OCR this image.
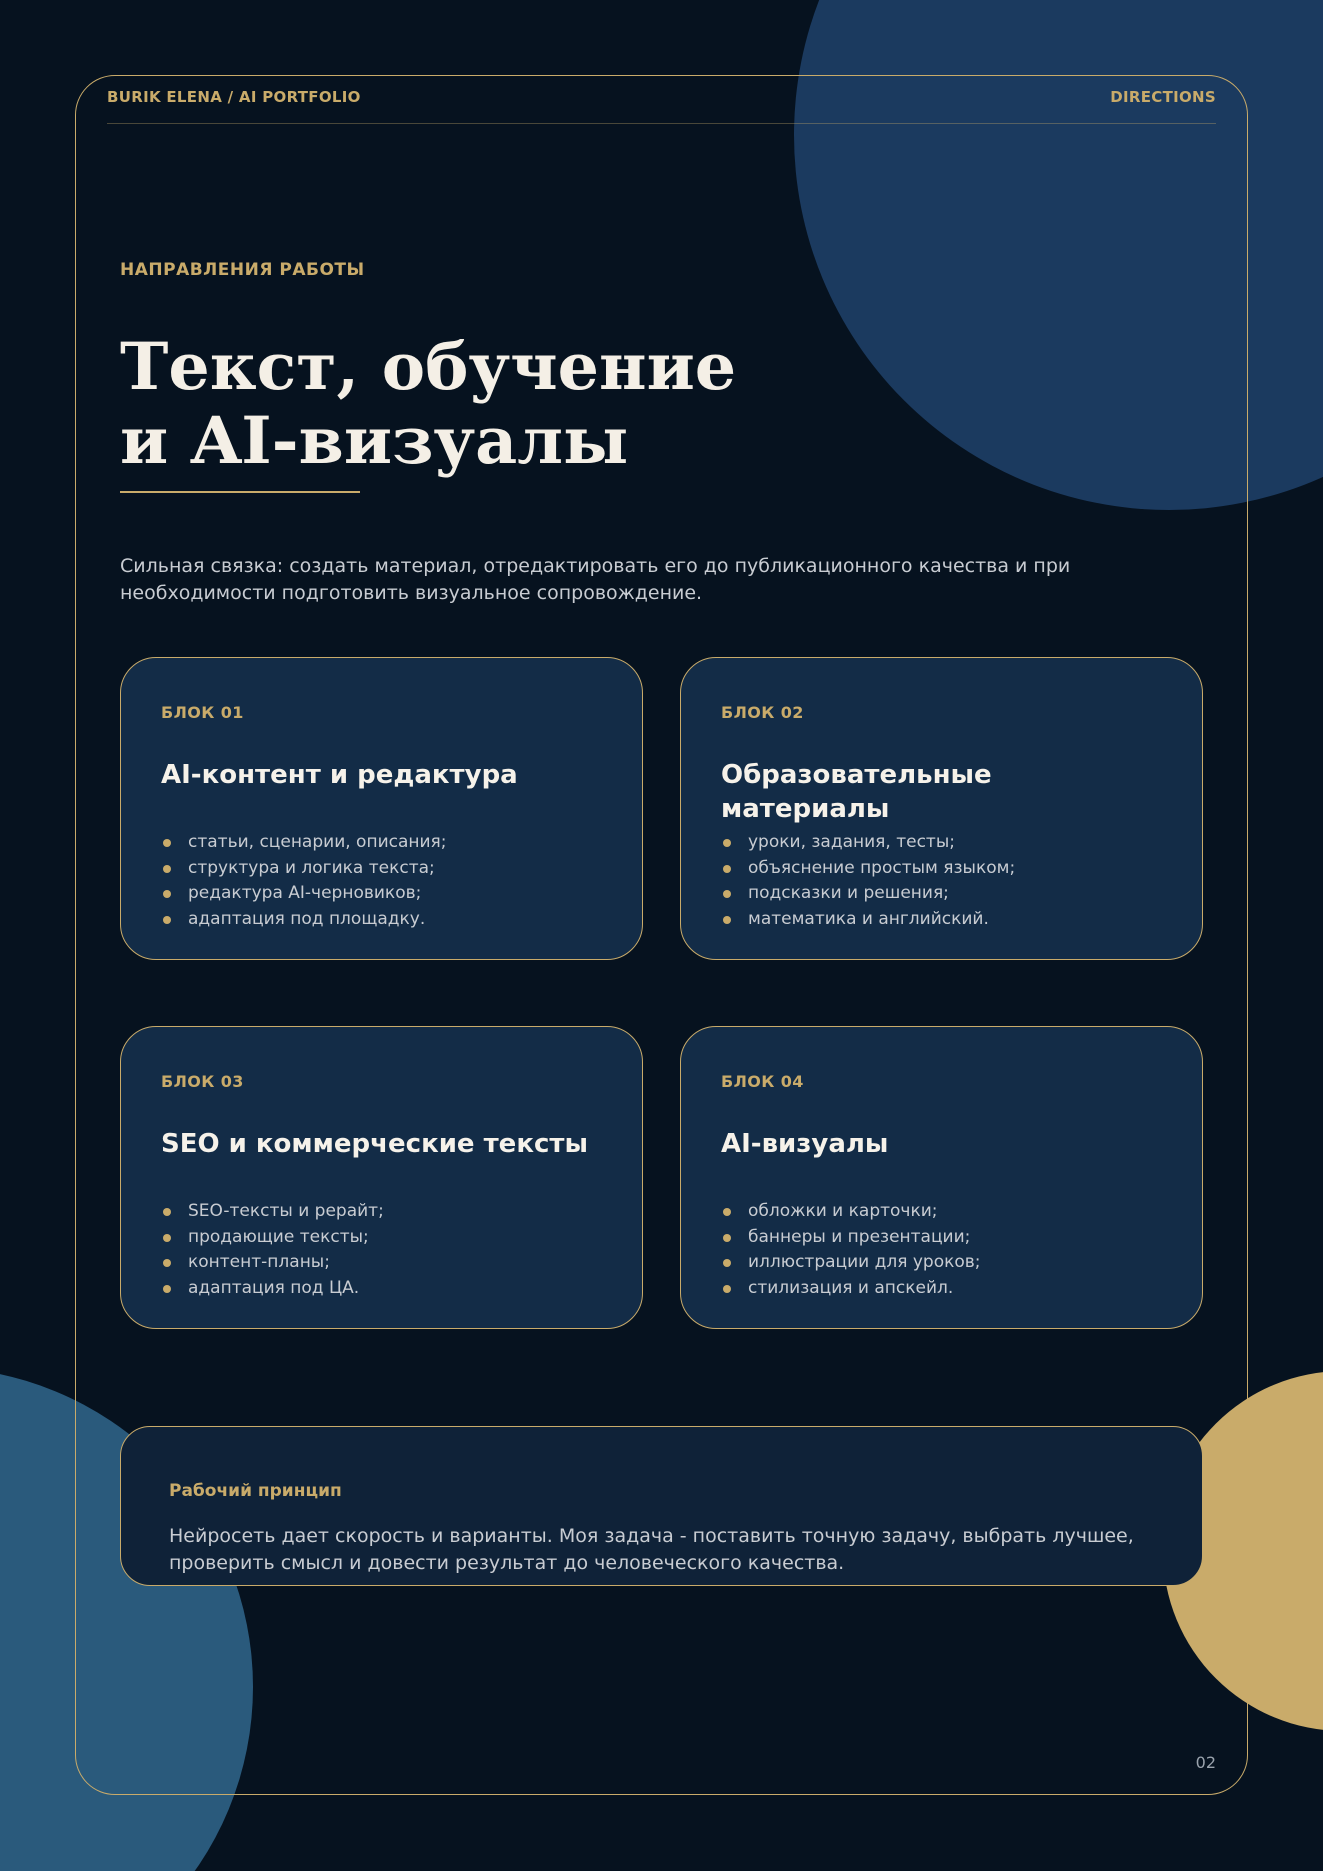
BURIK ELENA / AI PORTFOLIO	DIRECTIONS
НАПРАВЛЕНИЯ РАБОТЫ
Текст, обучение
и AI-визуалы

Сильная связка: создать материал, отредактировать его до публикационного качества и при необходимости подготовить визуальное сопровождение.

БЛОК 01
AI-контент и редактура
статьи, сценарии, описания;
структура и логика текста;
редактура AI-черновиков;
адаптация под площадку.
БЛОК 02
Образовательные материалы
уроки, задания, тесты;
объяснение простым языком;
подсказки и решения;
математика и английский.
БЛОК 03
SEO и коммерческие тексты
SEO-тексты и рерайт;
продающие тексты;
контент-планы;
адаптация под ЦА.
БЛОК 04
AI-визуалы
обложки и карточки;
баннеры и презентации;
иллюстрации для уроков;
стилизация и апскейл.
Рабочий принцип

Нейросеть дает скорость и варианты. Моя задача - поставить точную задачу, выбрать лучшее, проверить смысл и довести результат до человеческого качества.

02
